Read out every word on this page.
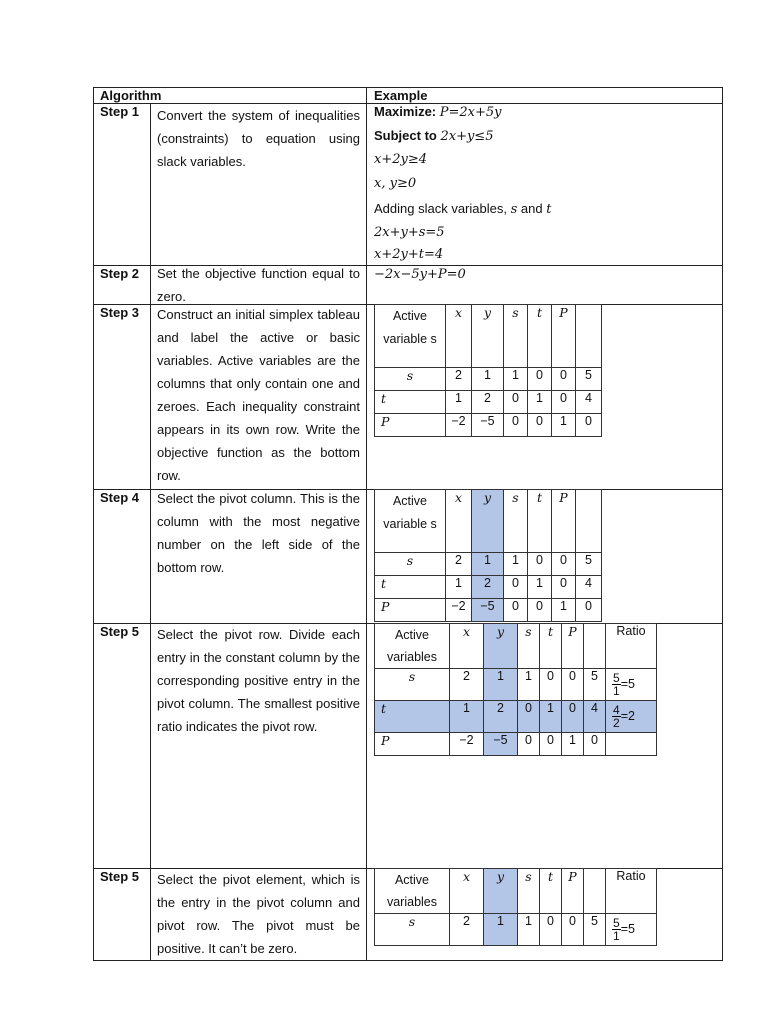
Algorithm	Example
Step 1 Convert the system of inequalities (constraints) to equation using slack variables.
Maximize: P=2x+5y
Subject to 2x+y≤5
x+2y≥4
x, y≥0
Adding slack variables, s and t
2x+y+s=5
x+2y+t=4
Step 2 Set the objective function equal to zero.
−2x−5y+P=0
Step 3 Construct an initial simplex tableau and label the active or basic variables. Active variables are the columns that only contain one and zeroes. Each inequality constraint appears in its own row. Write the objective function as the bottom row.
Active variable s	x	y	s	t	P	
s	2	1	1	0	0	5
t	1	2	0	1	0	4
P	−2	−5	0	0	1	0
Step 4 Select the pivot column. This is the column with the most negative number on the left side of the bottom row.
Active variable s	x	y	s	t	P	
s	2	1	1	0	0	5
t	1	2	0	1	0	4
P	−2	−5	0	0	1	0
Step 5 Select the pivot row. Divide each entry in the constant column by the corresponding positive entry in the pivot column. The smallest positive ratio indicates the pivot row.
Active variables	x	y	s	t	P		Ratio
s	2	1	1	0	0	5	$\frac{5}{1} =5$
t	1	2	0	1	0	4	$\frac{4}{2} =2$
P	−2	−5	0	0	1	0	
Step 5 Select the pivot element, which is the entry in the pivot column and pivot row. The pivot must be positive. It can’t be zero.
Active variables	x	y	s	t	P		Ratio
s	2	1	1	0	0	5	$\frac{5}{1} =5$
